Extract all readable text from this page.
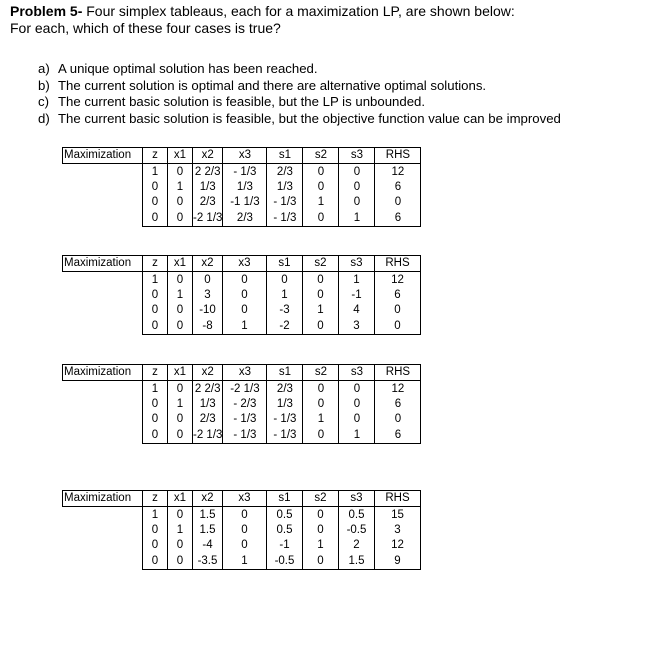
Problem 5- Four simplex tableaus, each for a maximization LP, are shown below:
For each, which of these four cases is true?
a) A unique optimal solution has been reached.
b) The current solution is optimal and there are alternative optimal solutions.
c) The current basic solution is feasible, but the LP is unbounded.
d) The current basic solution is feasible, but the objective function value can be improved
Maximization	z	x1	x2	x3	s1	s2	s3	RHS
	1	0	2 2/3	- 1/3	2/3	0	0	12
	0	1	1/3	1/3	1/3	0	0	6
	0	0	2/3	-1 1/3	- 1/3	1	0	0
	0	0	-2 1/3	2/3	- 1/3	0	1	6
Maximization	z	x1	x2	x3	s1	s2	s3	RHS
	1	0	0	0	0	0	1	12
	0	1	3	0	1	0	-1	6
	0	0	-10	0	-3	1	4	0
	0	0	-8	1	-2	0	3	0
Maximization	z	x1	x2	x3	s1	s2	s3	RHS
	1	0	2 2/3	-2 1/3	2/3	0	0	12
	0	1	1/3	- 2/3	1/3	0	0	6
	0	0	2/3	- 1/3	- 1/3	1	0	0
	0	0	-2 1/3	- 1/3	- 1/3	0	1	6
Maximization	z	x1	x2	x3	s1	s2	s3	RHS
	1	0	1.5	0	0.5	0	0.5	15
	0	1	1.5	0	0.5	0	-0.5	3
	0	0	-4	0	-1	1	2	12
	0	0	-3.5	1	-0.5	0	1.5	9
